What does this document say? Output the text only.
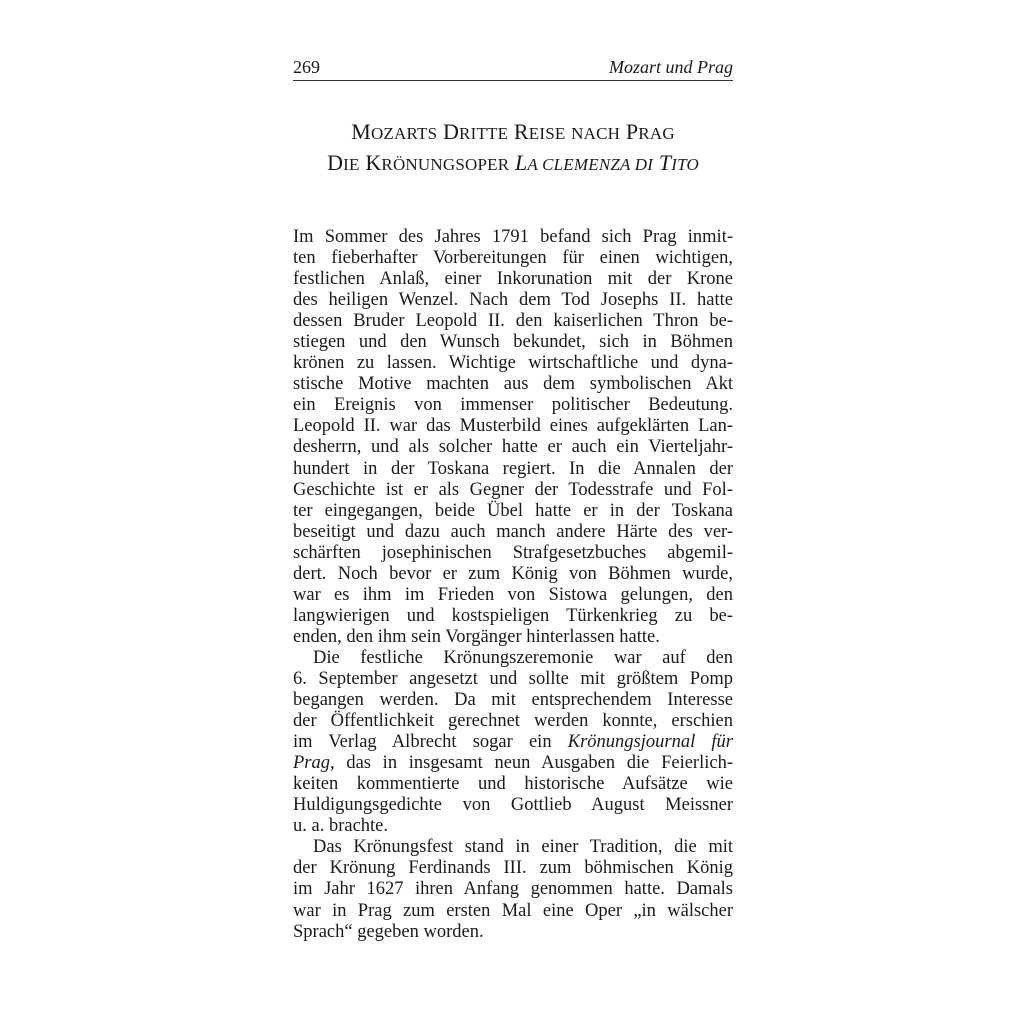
269	Mozart und Prag
MOZARTS DRITTE REISE NACH PRAG
DIE KRÖNUNGSOPER LA CLEMENZA DI TITO
Im Sommer des Jahres 1791 befand sich Prag inmit-
ten fieberhafter Vorbereitungen für einen wichtigen,
festlichen Anlaß, einer Inkorunation mit der Krone
des heiligen Wenzel. Nach dem Tod Josephs II. hatte
dessen Bruder Leopold II. den kaiserlichen Thron be-
stiegen und den Wunsch bekundet, sich in Böhmen
krönen zu lassen. Wichtige wirtschaftliche und dyna-
stische Motive machten aus dem symbolischen Akt
ein Ereignis von immenser politischer Bedeutung.
Leopold II. war das Musterbild eines aufgeklärten Lan-
desherrn, und als solcher hatte er auch ein Vierteljahr-
hundert in der Toskana regiert. In die Annalen der
Geschichte ist er als Gegner der Todesstrafe und Fol-
ter eingegangen, beide Übel hatte er in der Toskana
beseitigt und dazu auch manch andere Härte des ver-
schärften josephinischen Strafgesetzbuches abgemil-
dert. Noch bevor er zum König von Böhmen wurde,
war es ihm im Frieden von Sistowa gelungen, den
langwierigen und kostspieligen Türkenkrieg zu be-
enden, den ihm sein Vorgänger hinterlassen hatte.
Die festliche Krönungszeremonie war auf den
6. September angesetzt und sollte mit größtem Pomp
begangen werden. Da mit entsprechendem Interesse
der Öffentlichkeit gerechnet werden konnte, erschien
im Verlag Albrecht sogar ein Krönungsjournal für
Prag, das in insgesamt neun Ausgaben die Feierlich-
keiten kommentierte und historische Aufsätze wie
Huldigungsgedichte von Gottlieb August Meissner
u. a. brachte.
Das Krönungsfest stand in einer Tradition, die mit
der Krönung Ferdinands III. zum böhmischen König
im Jahr 1627 ihren Anfang genommen hatte. Damals
war in Prag zum ersten Mal eine Oper „in wälscher
Sprach“ gegeben worden.
